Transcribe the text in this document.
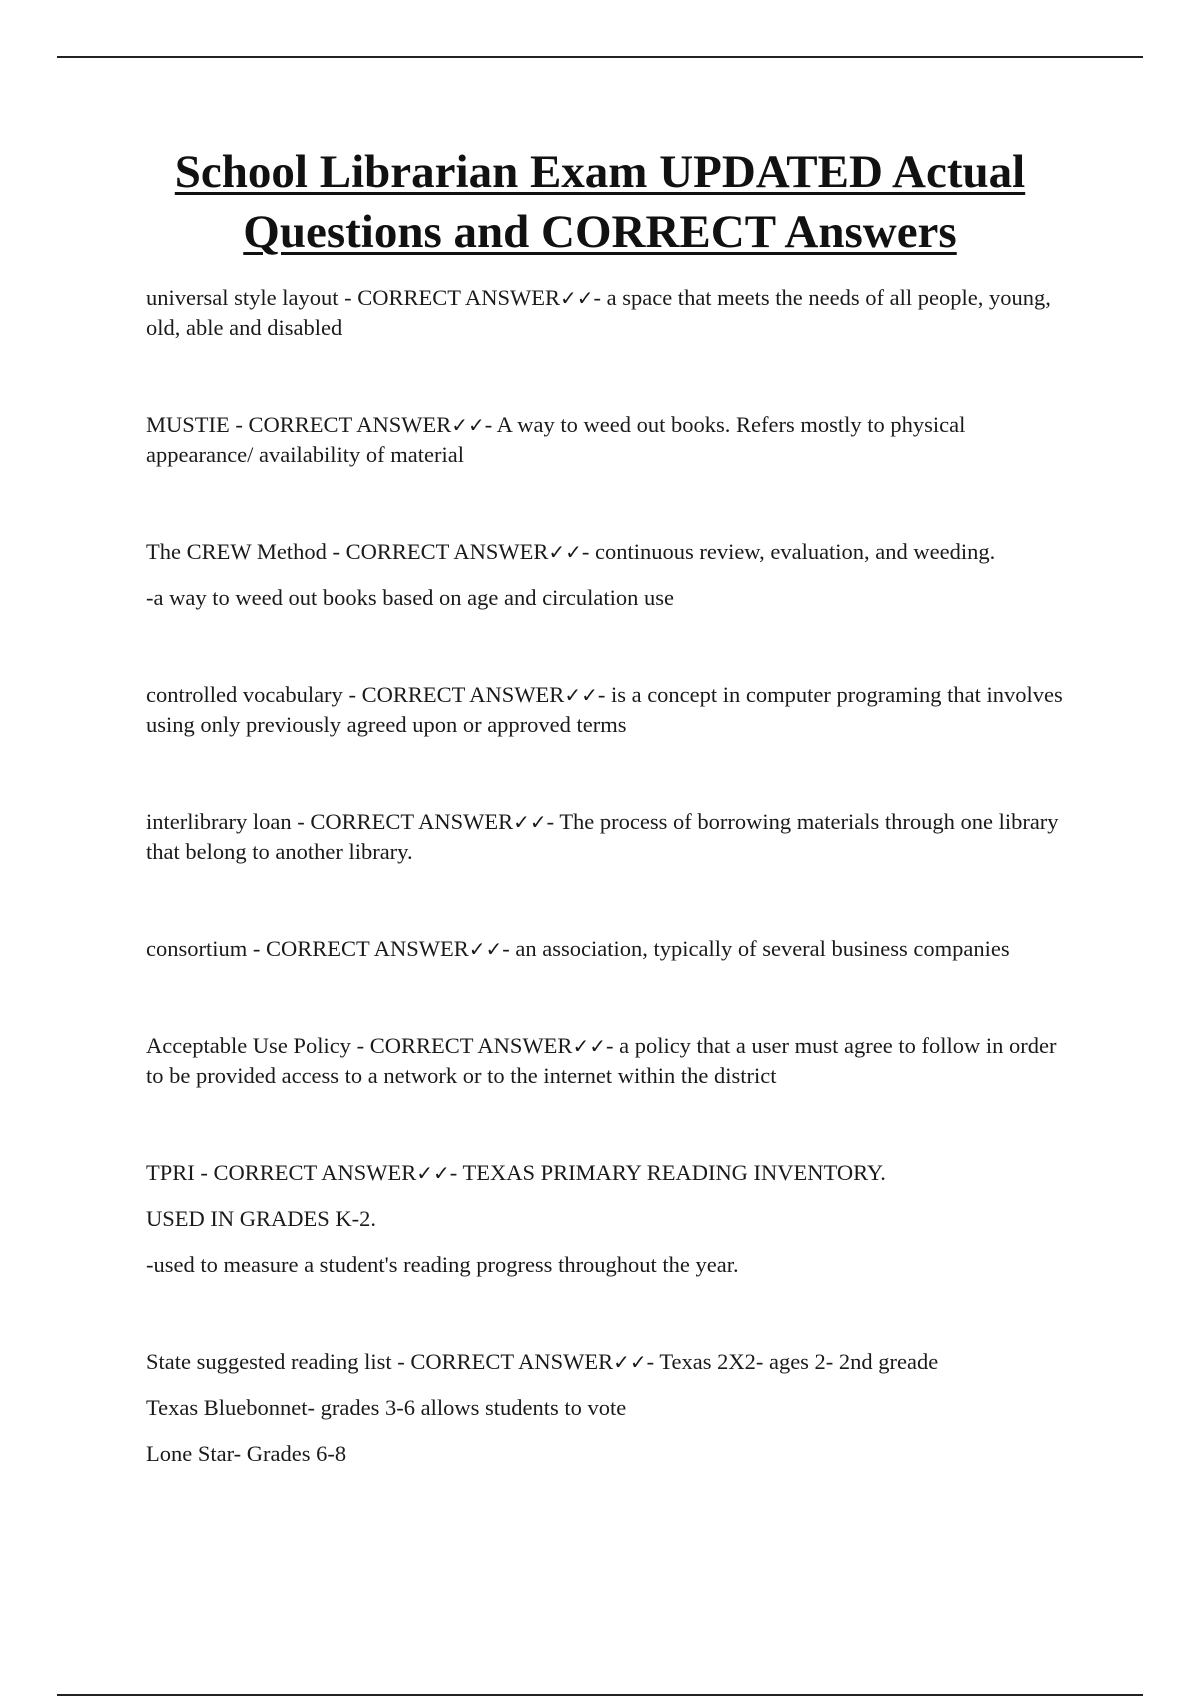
School Librarian Exam UPDATED Actual
Questions and CORRECT Answers

universal style layout - CORRECT ANSWER✓✓- a space that meets the needs of all people, young, old, able and disabled

MUSTIE - CORRECT ANSWER✓✓- A way to weed out books. Refers mostly to physical appearance/ availability of material

The CREW Method - CORRECT ANSWER✓✓- continuous review, evaluation, and weeding.

-a way to weed out books based on age and circulation use

controlled vocabulary - CORRECT ANSWER✓✓- is a concept in computer programing that involves using only previously agreed upon or approved terms

interlibrary loan - CORRECT ANSWER✓✓- The process of borrowing materials through one library that belong to another library.

consortium - CORRECT ANSWER✓✓- an association, typically of several business companies

Acceptable Use Policy - CORRECT ANSWER✓✓- a policy that a user must agree to follow in order to be provided access to a network or to the internet within the district

TPRI - CORRECT ANSWER✓✓- TEXAS PRIMARY READING INVENTORY.

USED IN GRADES K-2.

-used to measure a student's reading progress throughout the year.

State suggested reading list - CORRECT ANSWER✓✓- Texas 2X2- ages 2- 2nd greade

Texas Bluebonnet- grades 3-6 allows students to vote

Lone Star- Grades 6-8
